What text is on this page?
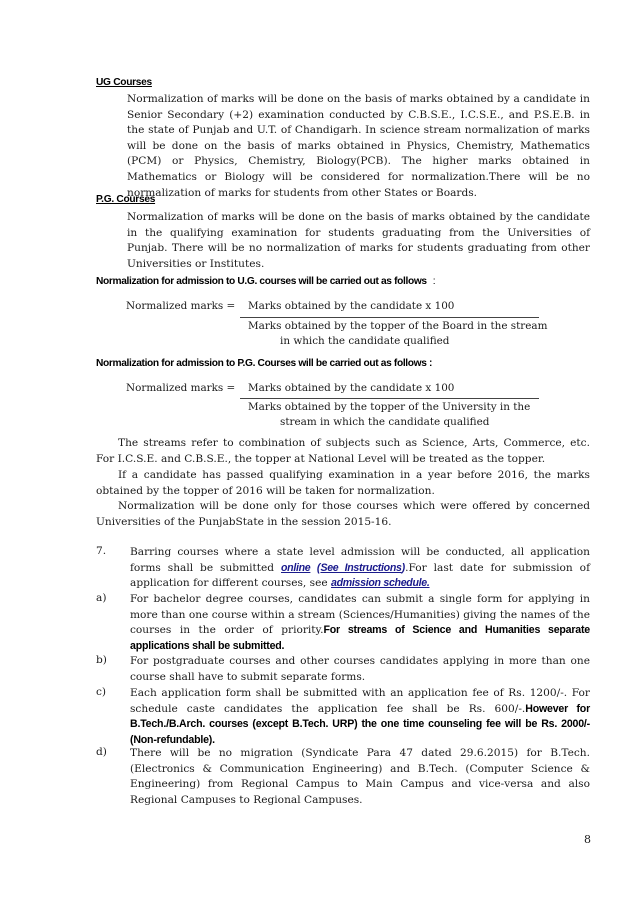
UG Courses

Normalization of marks will be done on the basis of marks obtained by a candidate in Senior Secondary (+2) examination conducted by C.B.S.E., I.C.S.E., and P.S.E.B. in the state of Punjab and U.T. of Chandigarh. In science stream normalization of marks will be done on the basis of marks obtained in Physics, Chemistry, Mathematics (PCM) or Physics, Chemistry, Biology(PCB). The higher marks obtained in Mathematics or Biology will be considered for normalization.There will be no normalization of marks for students from other States or Boards.

P.G. Courses

Normalization of marks will be done on the basis of marks obtained by the candidate in the qualifying examination for students graduating from the Universities of Punjab. There will be no normalization of marks for students graduating from other Universities or Institutes.

Normalization for admission to U.G. courses will be carried out as follows :
Normalized marks = Marks obtained by the candidate x 100
Marks obtained by the topper of the Board in the stream
in which the candidate qualified
Normalization for admission to P.G. Courses will be carried out as follows :
Normalized marks = Marks obtained by the candidate x 100
Marks obtained by the topper of the University in the
stream in which the candidate qualified

The streams refer to combination of subjects such as Science, Arts, Commerce, etc. For I.C.S.E. and C.B.S.E., the topper at National Level will be treated as the topper.

If a candidate has passed qualifying examination in a year before 2016, the marks obtained by the topper of 2016 will be taken for normalization.

Normalization will be done only for those courses which were offered by concerned Universities of the PunjabState in the session 2015-16.

7. Barring courses where a state level admission will be conducted, all application forms shall be submitted online (See Instructions).For last date for submission of application for different courses, see admission schedule.

a) For bachelor degree courses, candidates can submit a single form for applying in more than one course within a stream (Sciences/Humanities) giving the names of the courses in the order of priority.For streams of Science and Humanities separate applications shall be submitted.

b) For postgraduate courses and other courses candidates applying in more than one course shall have to submit separate forms.

c) Each application form shall be submitted with an application fee of Rs. 1200/-. For schedule caste candidates the application fee shall be Rs. 600/-.However for B.Tech./B.Arch. courses (except B.Tech. URP) the one time counseling fee will be Rs. 2000/-(Non-refundable).

d) There will be no migration (Syndicate Para 47 dated 29.6.2015) for B.Tech. (Electronics & Communication Engineering) and B.Tech. (Computer Science & Engineering) from Regional Campus to Main Campus and vice-versa and also Regional Campuses to Regional Campuses.

8
